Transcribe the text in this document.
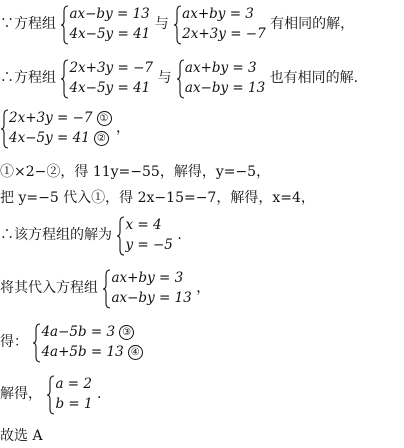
∵方程组
ax−by = 13
4x−5y = 41
与
ax+by = 3
2x+3y = −7
有相同的解，
∴方程组
2x+3y = −7
4x−5y = 41
与
ax+by = 3
ax−by = 13
也有相同的解.
2x+3y = −7 ①
4x−5y = 41 ②
，
①×2−②，得 11y=−55，解得，y=−5，
把 y=−5 代入①，得 2x−15=−7，解得，x=4，
∴该方程组的解为
x = 4
y = −5
.
将其代入方程组
ax+by = 3
ax−by = 13
，
得：
4a−5b = 3 ③
4a+5b = 13 ④
解得，
a = 2
b = 1
.
故选 A
